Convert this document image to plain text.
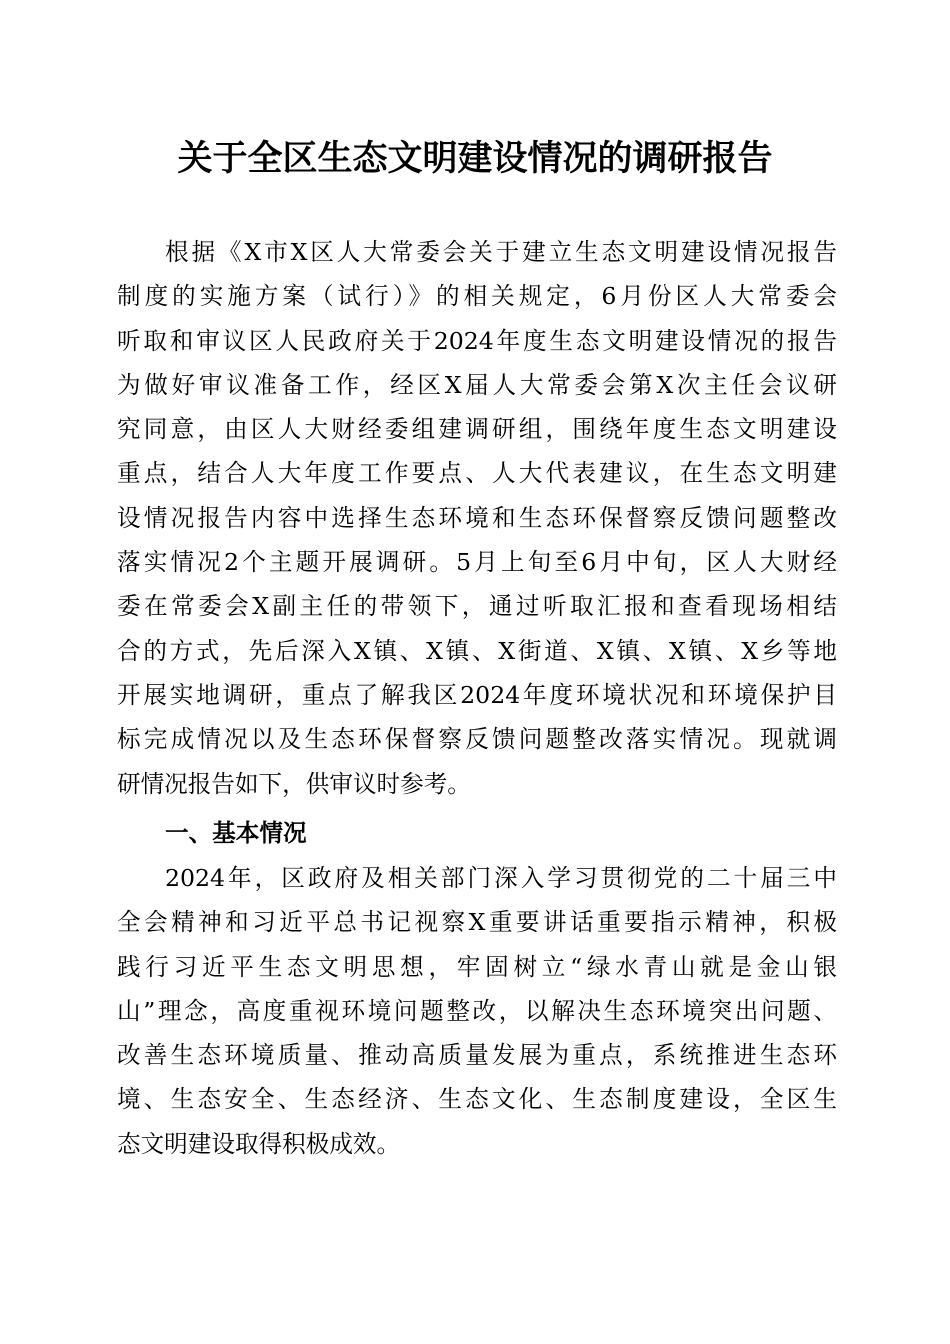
关于全区生态文明建设情况的调研报告
根据《X市X区人大常委会关于建立生态文明建设情况报告
制度的实施方案（试行）》的相关规定，6月份区人大常委会
听取和审议区人民政府关于2024年度生态文明建设情况的报告
为做好审议准备工作，经区X届人大常委会第X次主任会议研
究同意，由区人大财经委组建调研组，围绕年度生态文明建设
重点，结合人大年度工作要点、人大代表建议，在生态文明建
设情况报告内容中选择生态环境和生态环保督察反馈问题整改
落实情况2个主题开展调研。5月上旬至6月中旬，区人大财经
委在常委会X副主任的带领下，通过听取汇报和查看现场相结
合的方式，先后深入X镇、X镇、X街道、X镇、X镇、X乡等地
开展实地调研，重点了解我区2024年度环境状况和环境保护目
标完成情况以及生态环保督察反馈问题整改落实情况。现就调
研情况报告如下，供审议时参考。
一、基本情况
2024年，区政府及相关部门深入学习贯彻党的二十届三中
全会精神和习近平总书记视察X重要讲话重要指示精神，积极
践行习近平生态文明思想，牢固树立“绿水青山就是金山银
山”理念，高度重视环境问题整改，以解决生态环境突出问题、
改善生态环境质量、推动高质量发展为重点，系统推进生态环
境、生态安全、生态经济、生态文化、生态制度建设，全区生
态文明建设取得积极成效。
